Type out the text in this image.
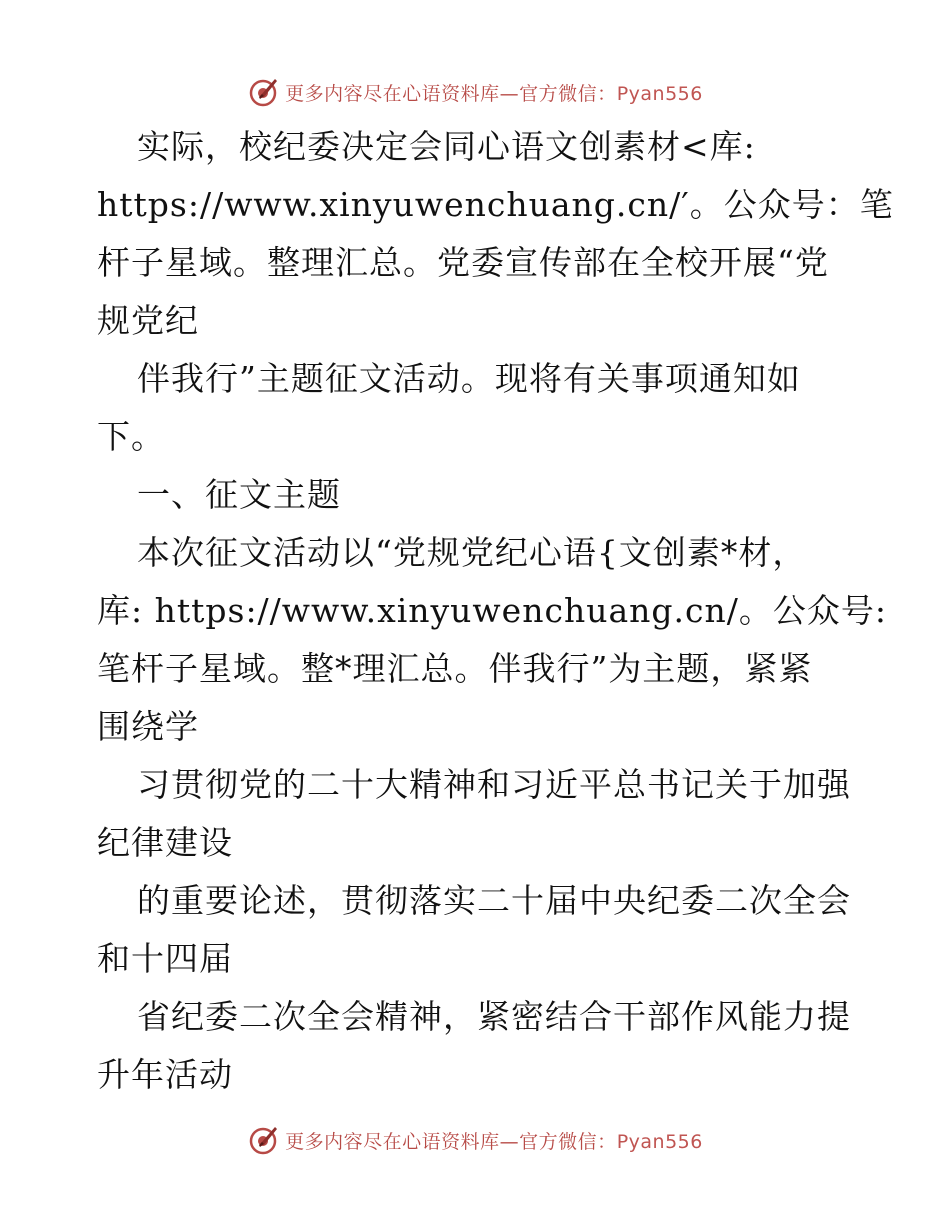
更多内容尽在心语资料库—官方微信：Pyan556
实际，校纪委决定会同心语文创素材<库:
https://www.xinyuwenchuang.cn/′。公众号：笔
杆子星域。整理汇总。党委宣传部在全校开展“党
规党纪
伴我行”主题征文活动。现将有关事项通知如
下。
一、征文主题
本次征文活动以“党规党纪心语{文创素*材，
库: https://www.xinyuwenchuang.cn/。公众号:
笔杆子星域。整*理汇总。伴我行”为主题，紧紧
围绕学
习贯彻党的二十大精神和习近平总书记关于加强
纪律建设
的重要论述，贯彻落实二十届中央纪委二次全会
和十四届
省纪委二次全会精神，紧密结合干部作风能力提
升年活动
更多内容尽在心语资料库—官方微信：Pyan556
